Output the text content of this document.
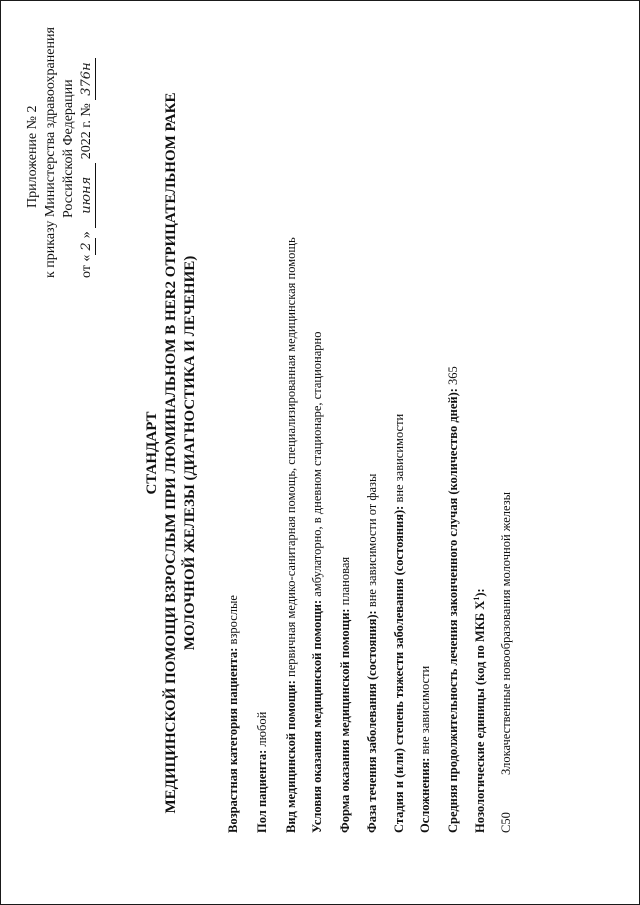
Приложение № 2 к приказу Министерства здравоохранения Российской Федерации
от «2» июня 2022 г. № 376н
СТАНДАРТ МЕДИЦИНСКОЙ ПОМОЩИ ВЗРОСЛЫМ ПРИ ЛЮМИНАЛЬНОМ В HER2 ОТРИЦАТЕЛЬНОМ РАКЕ МОЛОЧНОЙ ЖЕЛЕЗЫ (ДИАГНОСТИКА И ЛЕЧЕНИЕ)
Возрастная категория пациента: взрослые
Пол пациента: любой Вид медицинской помощи: первичная медико-санитарная помощь, специализированная медицинская помощь
Условия оказания медицинской помощи: амбулаторно, в дневном стационаре, стационарно
Форма оказания медицинской помощи: плановая
Фаза течения заболевания (состояния): вне зависимости от фазы Стадия и (или) степень тяжести заболевания (состояния): вне зависимости
Осложнения: вне зависимости Средняя продолжительность лечения законченного случая (количество дней): 365
Нозологические единицы (код по МКБ $X^1$):
C50Злокачественные новообразования молочной железы
